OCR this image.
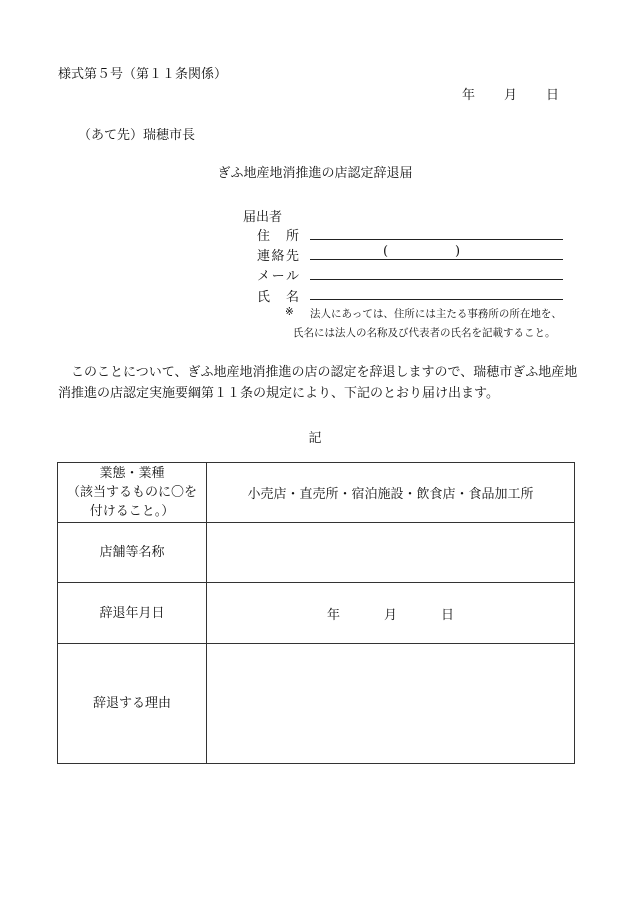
様式第５号（第１１条関係）
年 月 日
（あて先）瑞穂市長
ぎふ地産地消推進の店認定辞退届
届出者
住所
連絡先	(	)
メール
氏名
※ 法人にあっては、住所には主たる事務所の所在地を、
氏名には法人の名称及び代表者の氏名を記載すること。
このことについて、ぎふ地産地消推進の店の認定を辞退しますので、瑞穂市ぎふ地産地消推進の店認定実施要綱第１１条の規定により、下記のとおり届け出ます。
記
業態・業種
（該当するものに〇を
付けること。）	小売店・直売所・宿泊施設・飲食店・食品加工所
店舗等名称	
辞退年月日	年 月 日
辞退する理由	
